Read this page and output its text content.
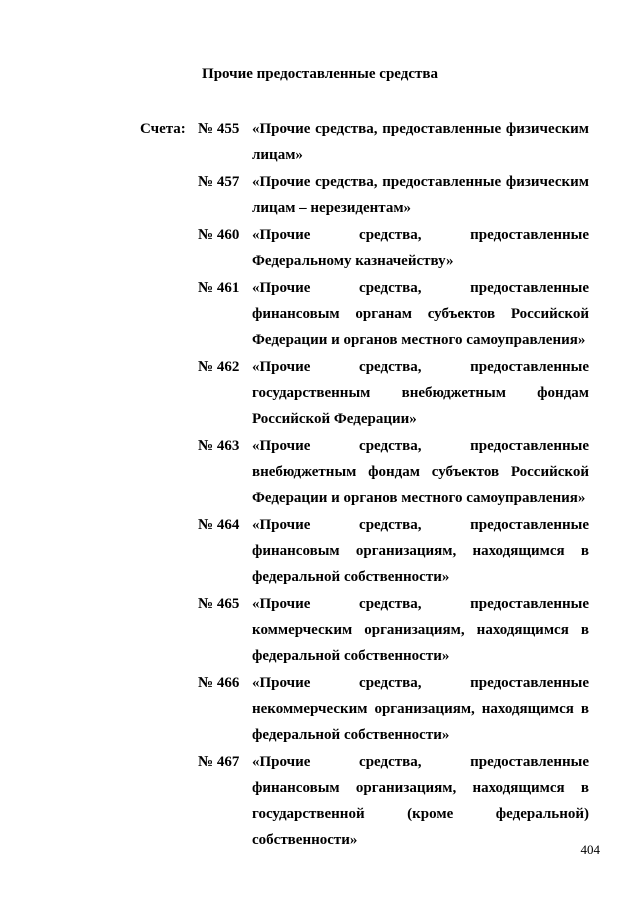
Прочие предоставленные средства
Счета: № 455 «Прочие средства, предоставленные физическим лицам»
№ 457 «Прочие средства, предоставленные физическим лицам – нерезидентам»
№ 460 «Прочие средства, предоставленные Федеральному казначейству»
№ 461 «Прочие средства, предоставленные финансовым органам субъектов Российской Федерации и органов местного самоуправления»
№ 462 «Прочие средства, предоставленные государственным внебюджетным фондам Российской Федерации»
№ 463 «Прочие средства, предоставленные внебюджетным фондам субъектов Российской Федерации и органов местного самоуправления»
№ 464 «Прочие средства, предоставленные финансовым организациям, находящимся в федеральной собственности»
№ 465 «Прочие средства, предоставленные коммерческим организациям, находящимся в федеральной собственности»
№ 466 «Прочие средства, предоставленные некоммерческим организациям, находящимся в федеральной собственности»
№ 467 «Прочие средства, предоставленные финансовым организациям, находящимся в государственной (кроме федеральной) собственности»
404
